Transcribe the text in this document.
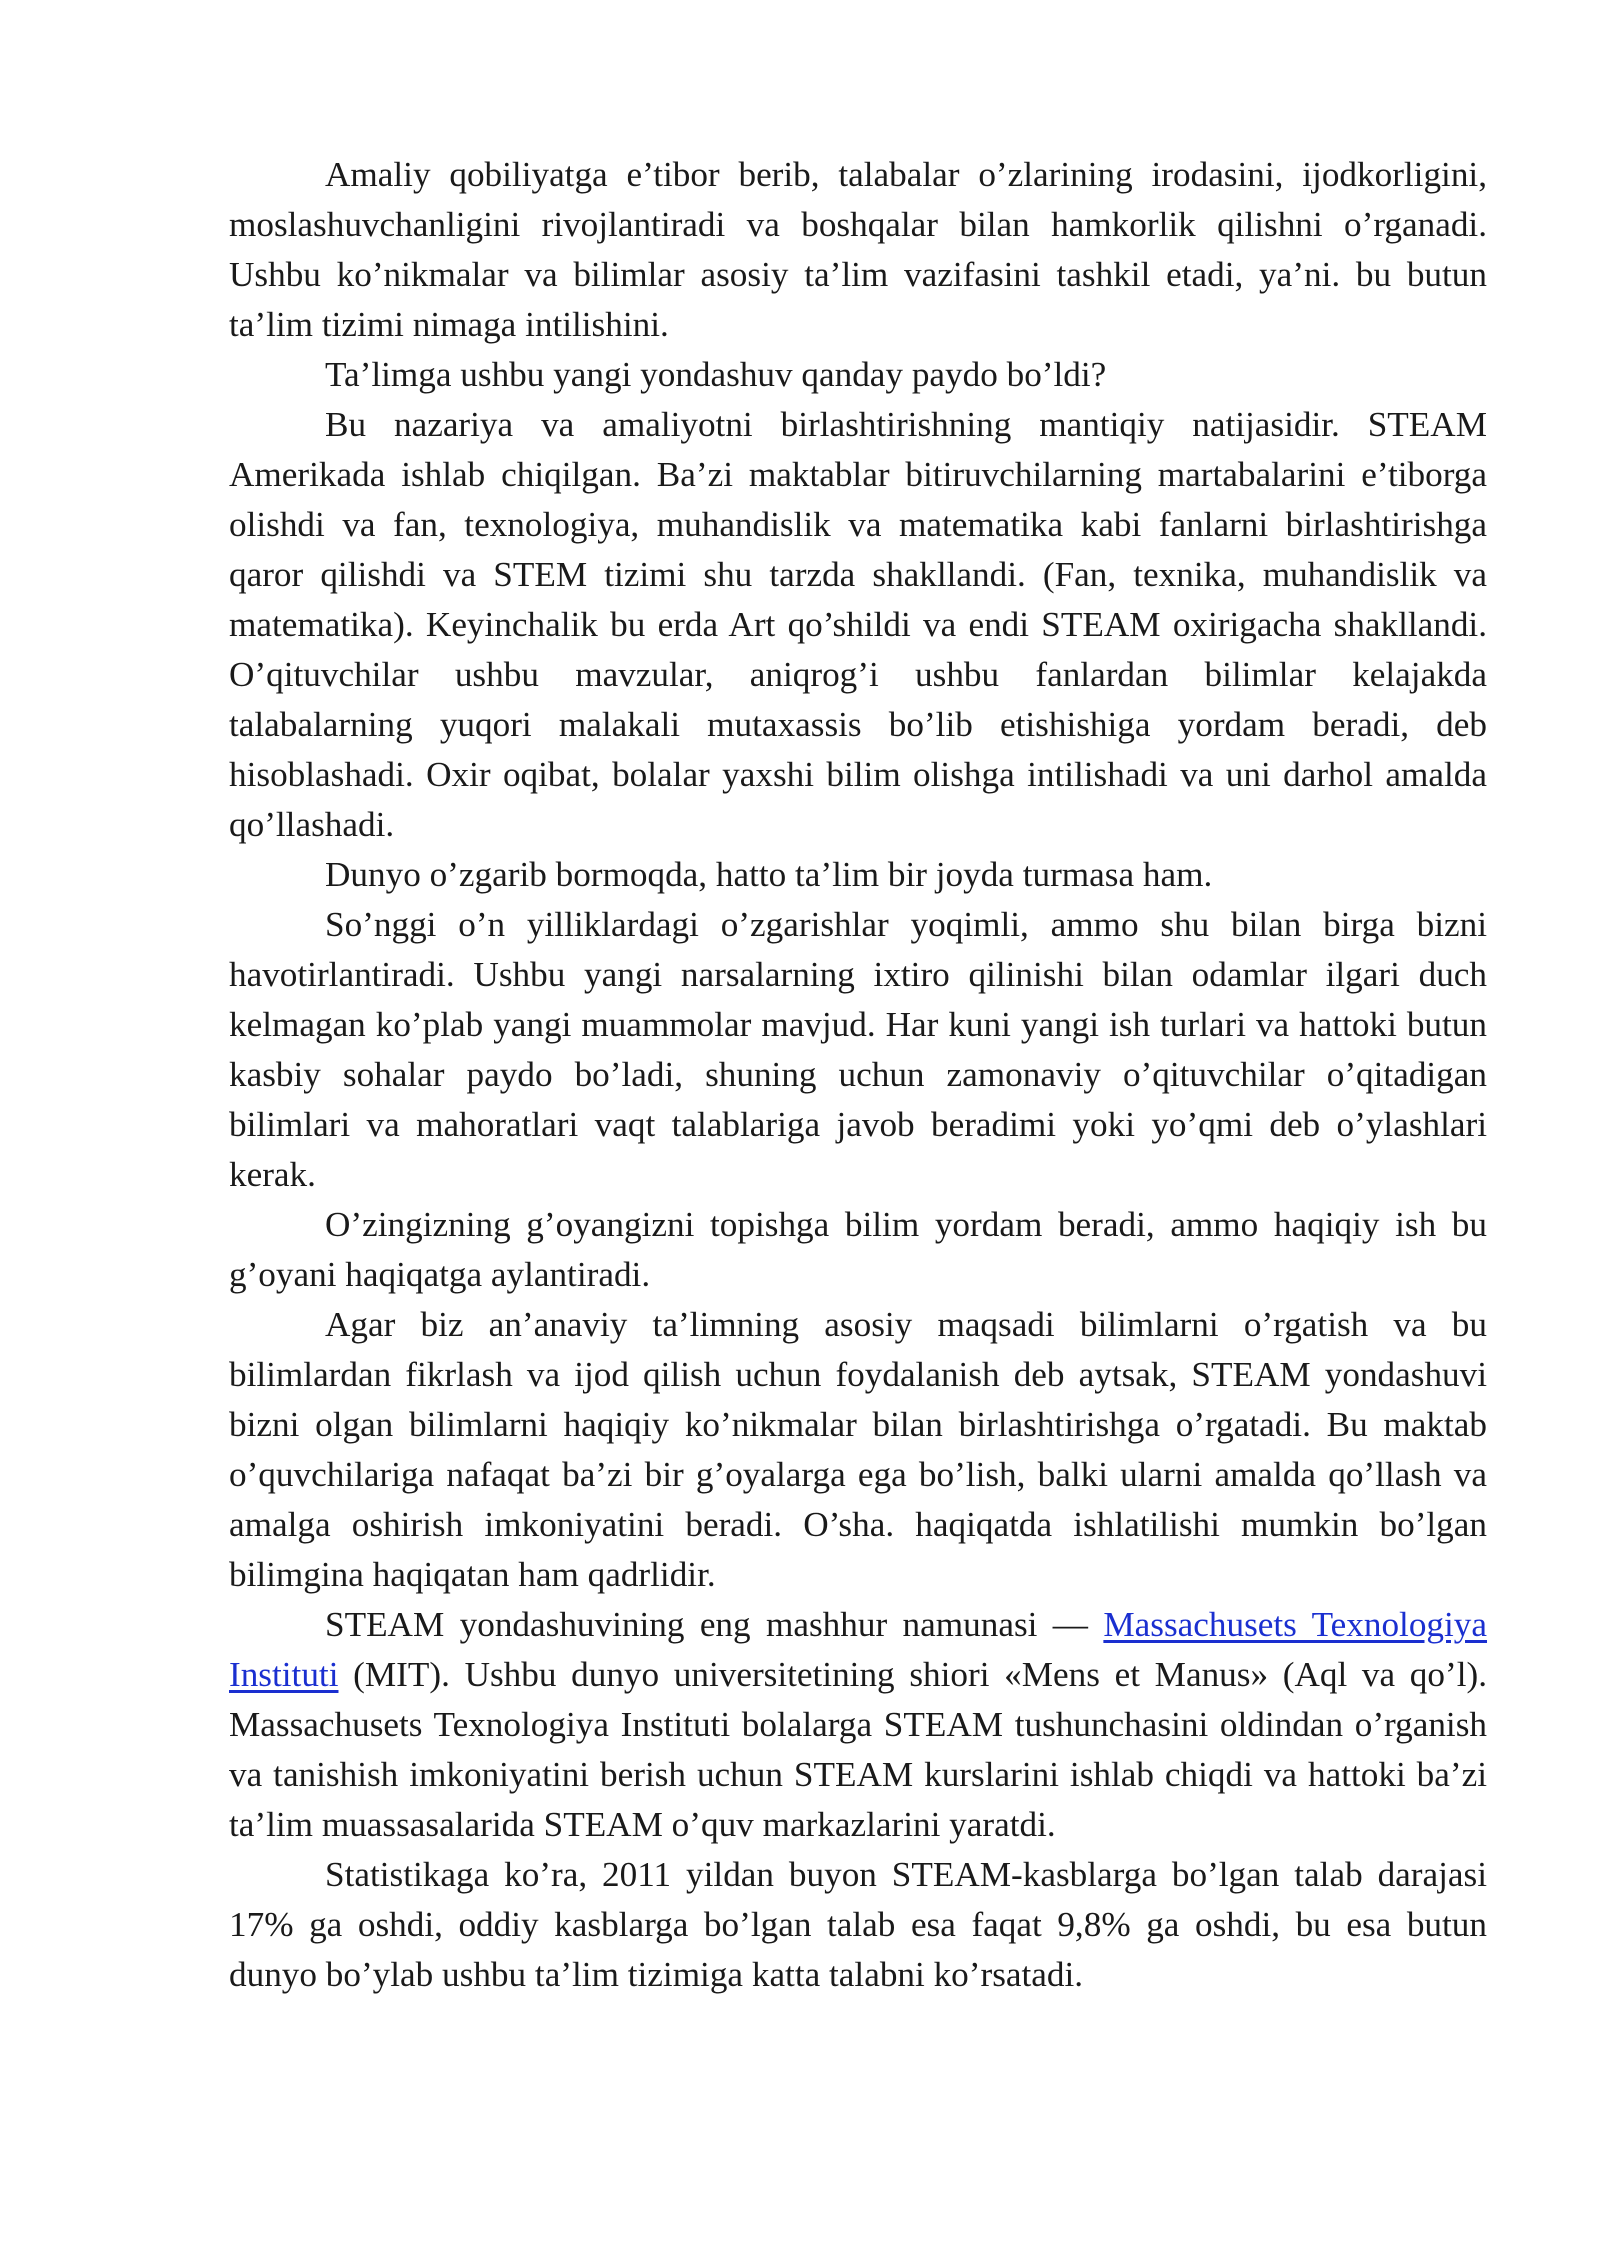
Amaliy qobiliyatga e’tibor berib, talabalar o’zlarining irodasini, ijodkorligini, moslashuvchanligini rivojlantiradi va boshqalar bilan hamkorlik qilishni o’rganadi. Ushbu ko’nikmalar va bilimlar asosiy ta’lim vazifasini tashkil etadi, ya’ni. bu butun ta’lim tizimi nimaga intilishini.

Ta’limga ushbu yangi yondashuv qanday paydo bo’ldi?

Bu nazariya va amaliyotni birlashtirishning mantiqiy natijasidir. STEAM Amerikada ishlab chiqilgan. Ba’zi maktablar bitiruvchilarning martabalarini e’tiborga olishdi va fan, texnologiya, muhandislik va matematika kabi fanlarni birlashtirishga qaror qilishdi va STEM tizimi shu tarzda shakllandi. (Fan, texnika, muhandislik va matematika). Keyinchalik bu erda Art qo’shildi va endi STEAM oxirigacha shakllandi. O’qituvchilar ushbu mavzular, aniqrog’i ushbu fanlardan bilimlar kelajakda talabalarning yuqori malakali mutaxassis bo’lib etishishiga yordam beradi, deb hisoblashadi. Oxir oqibat, bolalar yaxshi bilim olishga intilishadi va uni darhol amalda qo’llashadi.

Dunyo o’zgarib bormoqda, hatto ta’lim bir joyda turmasa ham.

So’nggi o’n yilliklardagi o’zgarishlar yoqimli, ammo shu bilan birga bizni havotirlantiradi. Ushbu yangi narsalarning ixtiro qilinishi bilan odamlar ilgari duch kelmagan ko’plab yangi muammolar mavjud. Har kuni yangi ish turlari va hattoki butun kasbiy sohalar paydo bo’ladi, shuning uchun zamonaviy o’qituvchilar o’qitadigan bilimlari va mahoratlari vaqt talablariga javob beradimi yoki yo’qmi deb o’ylashlari kerak.

O’zingizning g’oyangizni topishga bilim yordam beradi, ammo haqiqiy ish bu g’oyani haqiqatga aylantiradi.

Agar biz an’anaviy ta’limning asosiy maqsadi bilimlarni o’rgatish va bu bilimlardan fikrlash va ijod qilish uchun foydalanish deb aytsak, STEAM yondashuvi bizni olgan bilimlarni haqiqiy ko’nikmalar bilan birlashtirishga o’rgatadi. Bu maktab o’quvchilariga nafaqat ba’zi bir g’oyalarga ega bo’lish, balki ularni amalda qo’llash va amalga oshirish imkoniyatini beradi. O’sha. haqiqatda ishlatilishi mumkin bo’lgan bilimgina haqiqatan ham qadrlidir.

STEAM yondashuvining eng mashhur namunasi — Massachusets Texnologiya Instituti (MIT). Ushbu dunyo universitetining shiori «Mens et Manus» (Aql va qo’l). Massachusets Texnologiya Instituti bolalarga STEAM tushunchasini oldindan o’rganish va tanishish imkoniyatini berish uchun STEAM kurslarini ishlab chiqdi va hattoki ba’zi ta’lim muassasalarida STEAM o’quv markazlarini yaratdi.

Statistikaga ko’ra, 2011 yildan buyon STEAM-kasblarga bo’lgan talab darajasi 17% ga oshdi, oddiy kasblarga bo’lgan talab esa faqat 9,8% ga oshdi, bu esa butun dunyo bo’ylab ushbu ta’lim tizimiga katta talabni ko’rsatadi.
